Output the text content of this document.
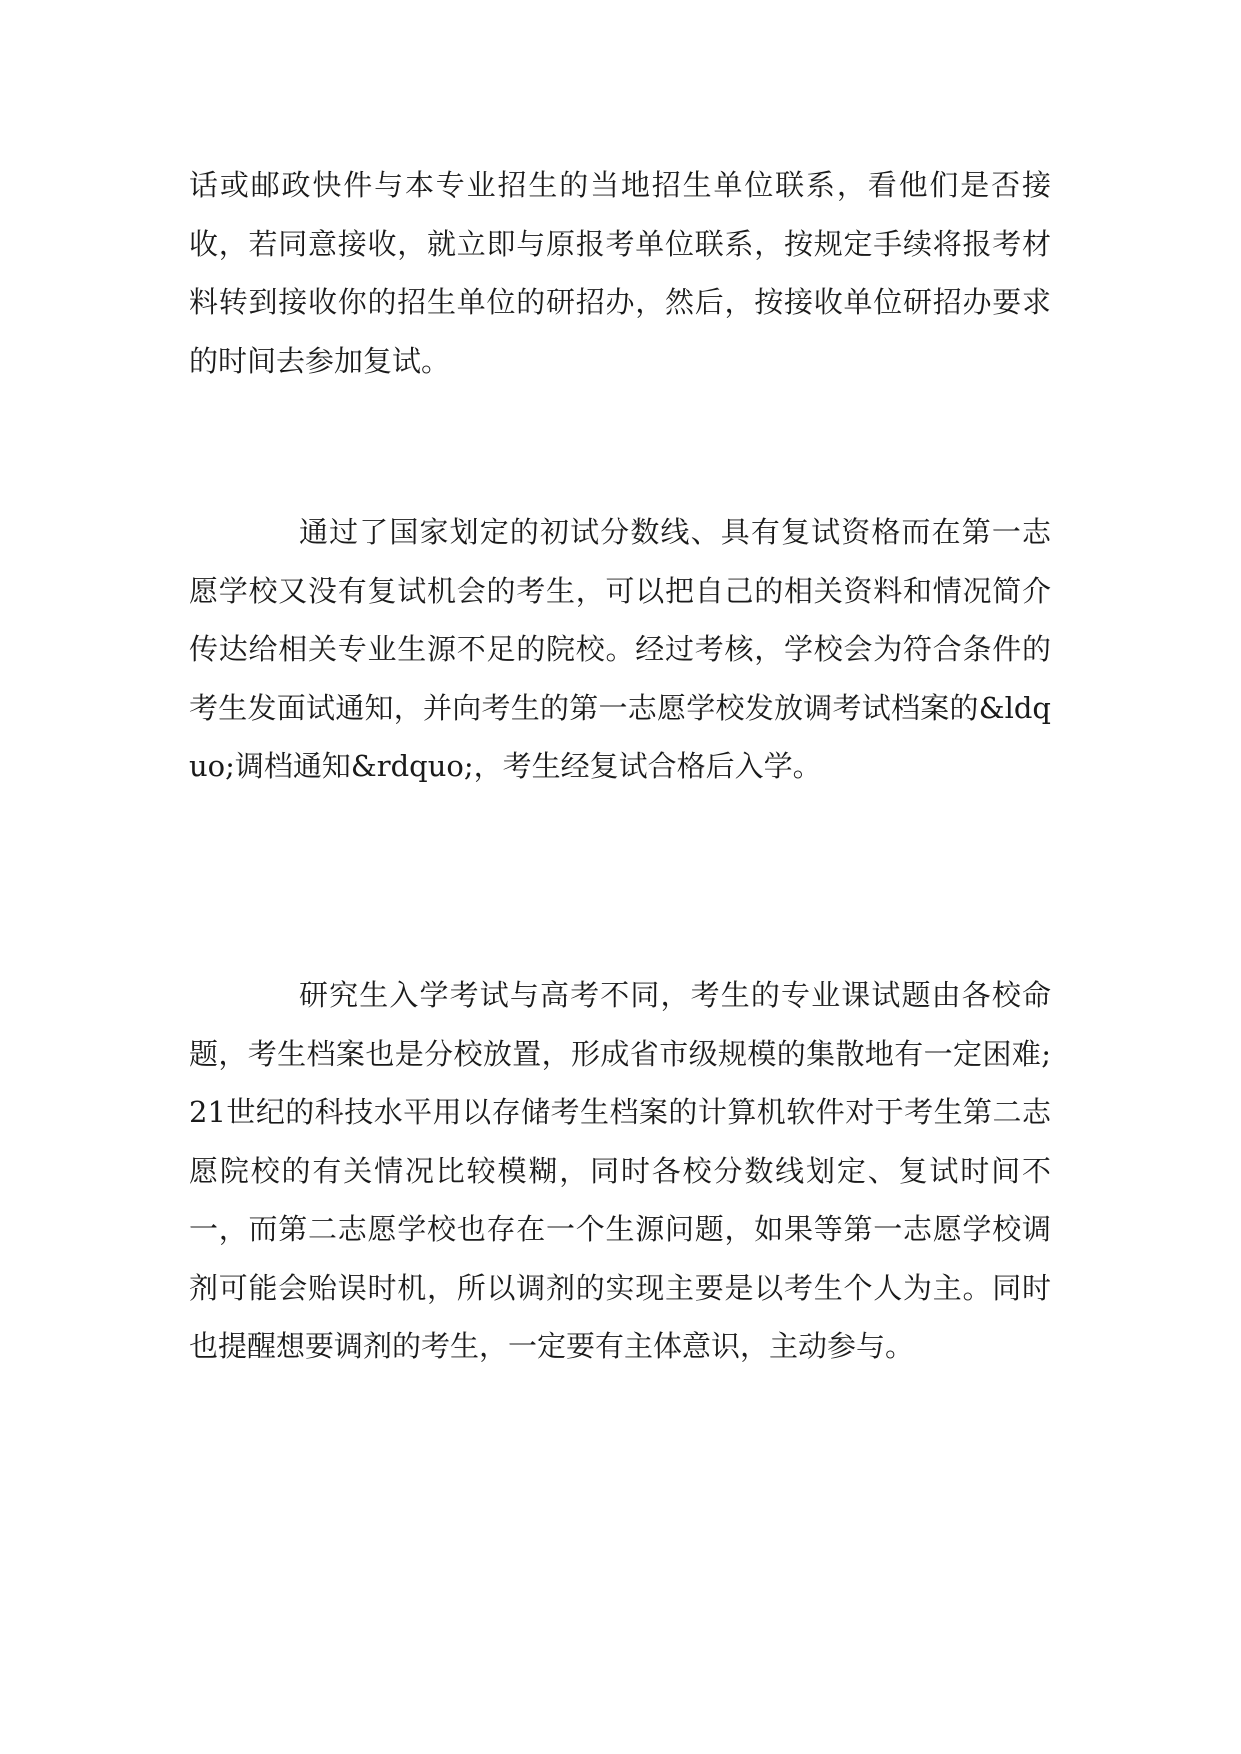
话或邮政快件与本专业招生的当地招生单位联系，看他们是否接收，若同意接收，就立即与原报考单位联系，按规定手续将报考材料转到接收你的招生单位的研招办，然后，按接收单位研招办要求的时间去参加复试。

通过了国家划定的初试分数线、具有复试资格而在第一志愿学校又没有复试机会的考生，可以把自己的相关资料和情况简介传达给相关专业生源不足的院校。经过考核，学校会为符合条件的考生发面试通知，并向考生的第一志愿学校发放调考试档案的&ldquo;调档通知&rdquo;，考生经复试合格后入学。

研究生入学考试与高考不同，考生的专业课试题由各校命题，考生档案也是分校放置，形成省市级规模的集散地有一定困难;21世纪的科技水平用以存储考生档案的计算机软件对于考生第二志愿院校的有关情况比较模糊，同时各校分数线划定、复试时间不一，而第二志愿学校也存在一个生源问题，如果等第一志愿学校调剂可能会贻误时机，所以调剂的实现主要是以考生个人为主。同时也提醒想要调剂的考生，一定要有主体意识，主动参与。
